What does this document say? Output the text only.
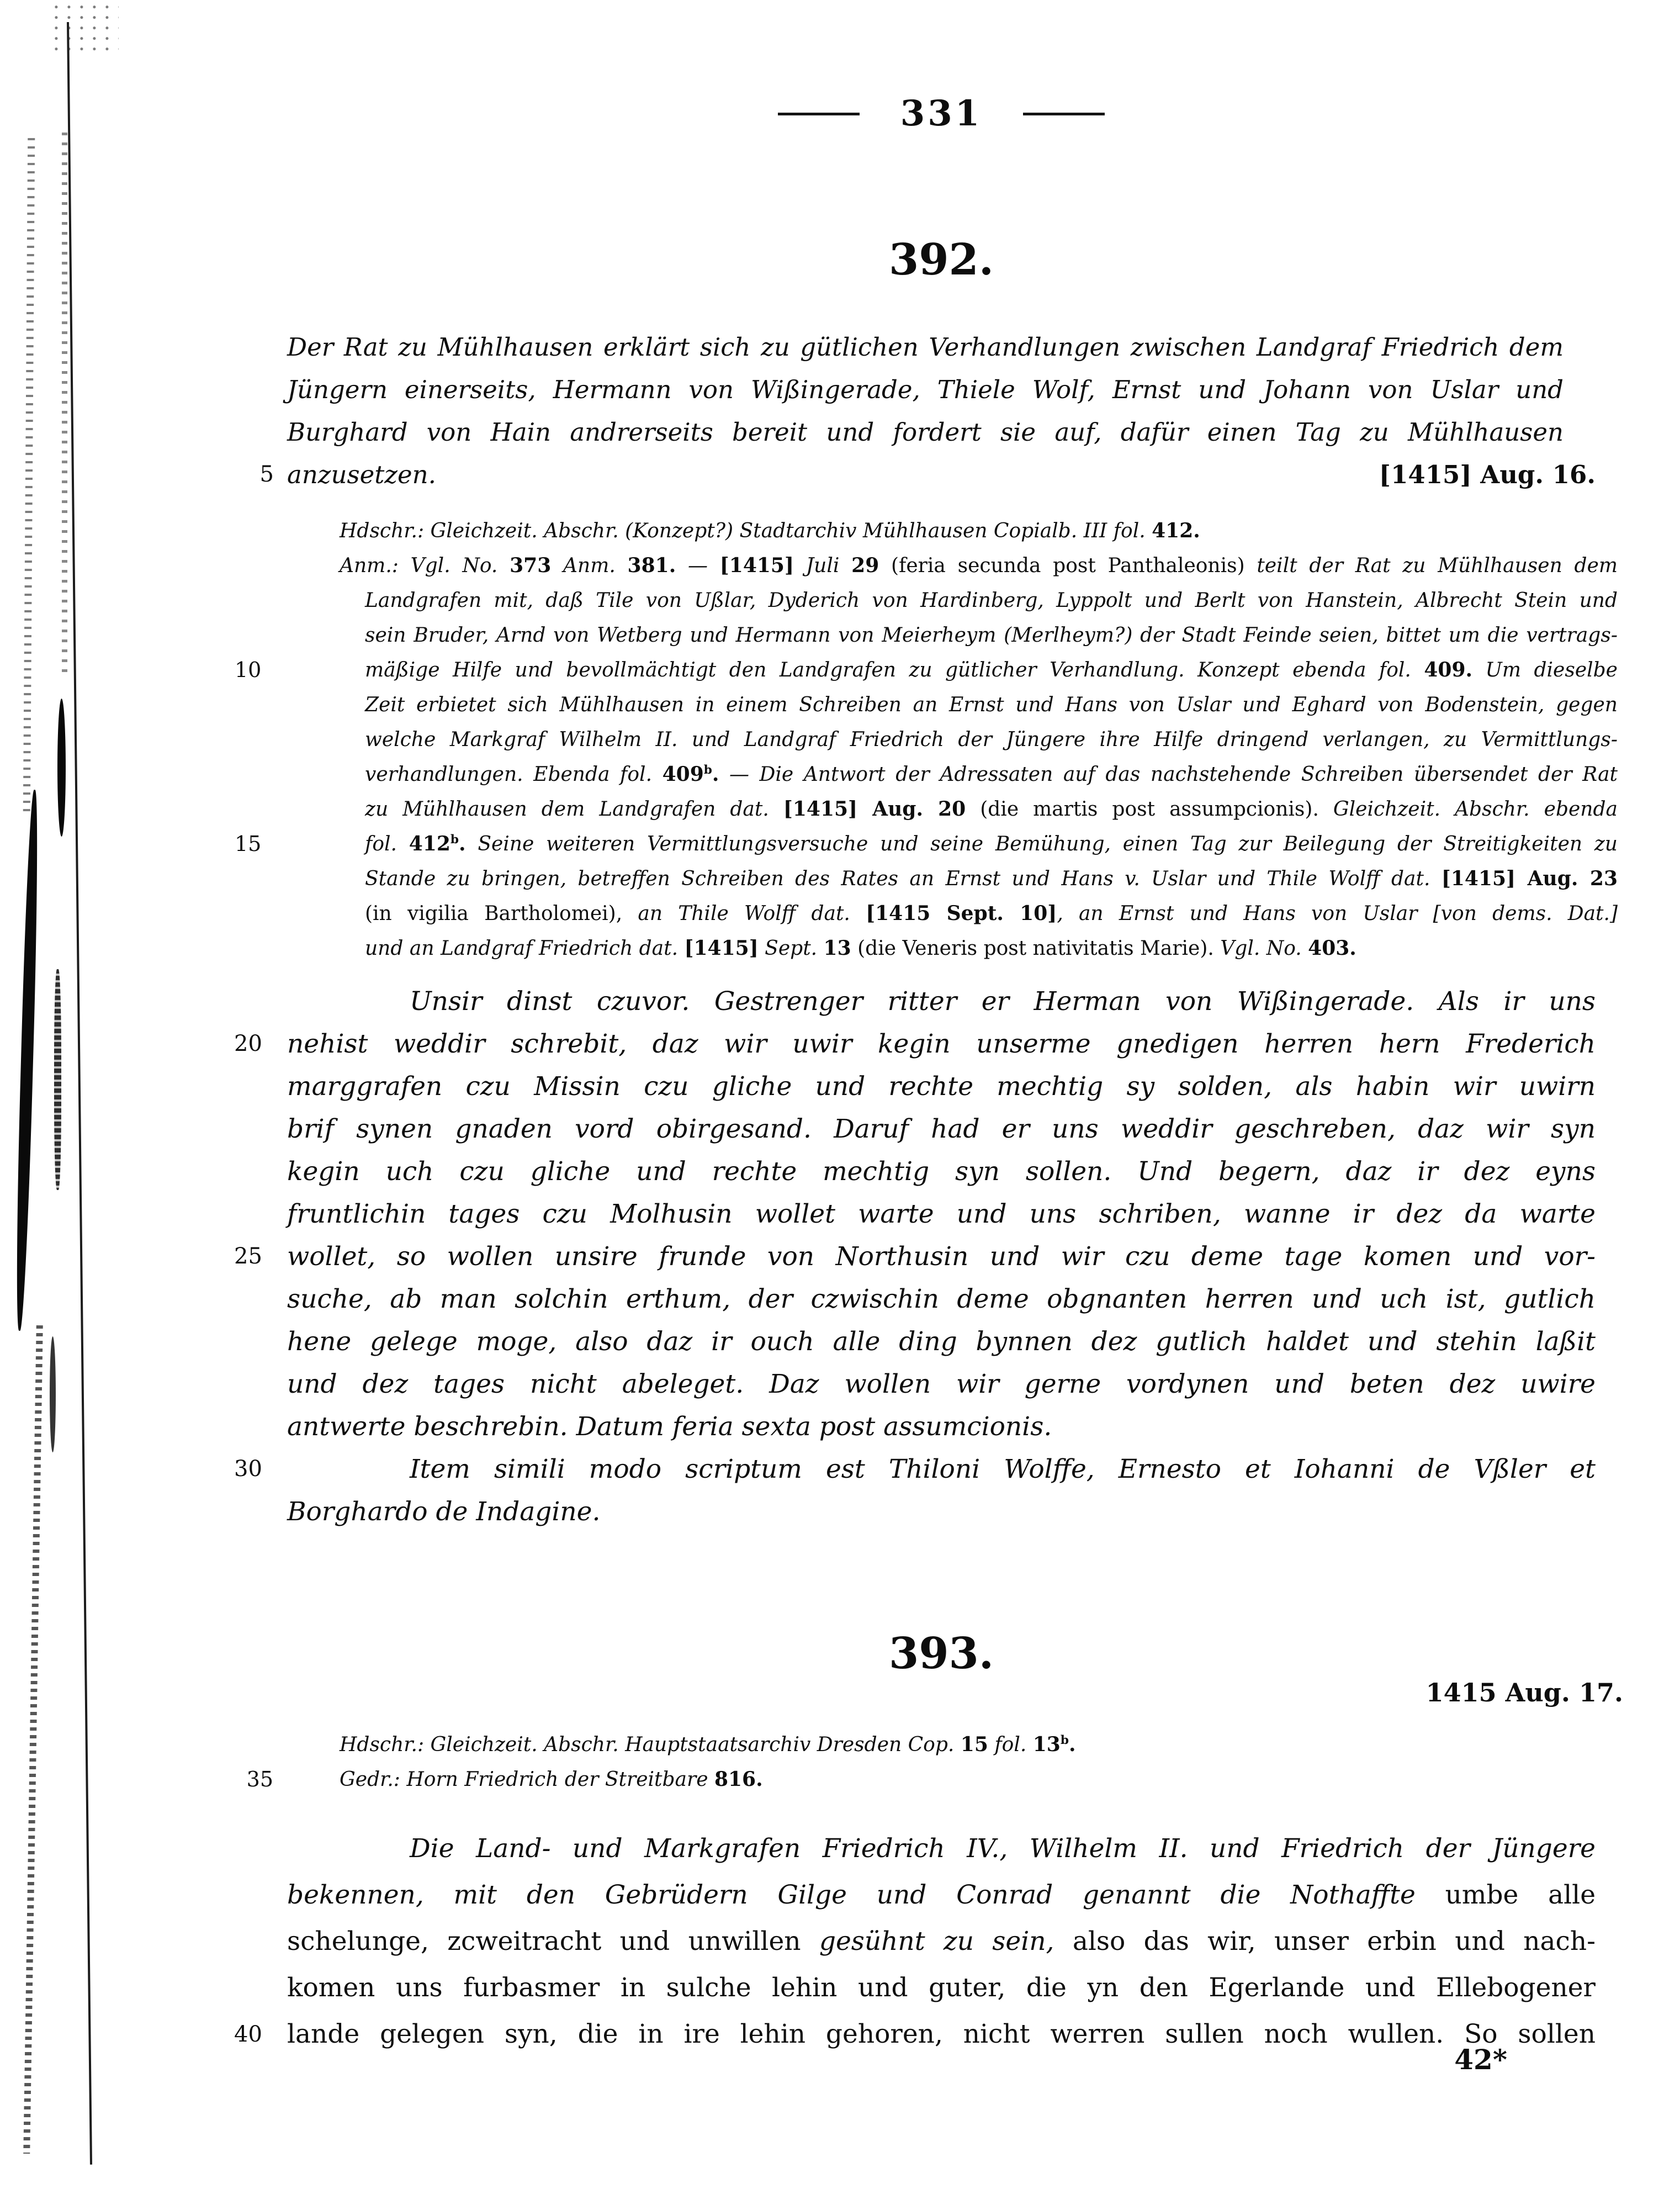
331
392.
Der Rat zu Mühlhausen erklärt sich zu gütlichen Verhandlungen zwischen Landgraf Friedrich dem
Jüngern einerseits, Hermann von Wißingerade, Thiele Wolf, Ernst und Johann von Uslar und
Burghard von Hain andrerseits bereit und fordert sie auf, dafür einen Tag zu Mühlhausen
5 anzusetzen.	[1415] Aug. 16.
Hdschr.: Gleichzeit. Abschr. (Konzept?) Stadtarchiv Mühlhausen Copialb. III fol. 412.
Anm.: Vgl. No. 373 Anm. 381. — [1415] Juli 29 (feria secunda post Panthaleonis) teilt der Rat zu Mühlhausen dem
Landgrafen mit, daß Tile von Ußlar, Dyderich von Hardinberg, Lyppolt und Berlt von Hanstein, Albrecht Stein und
sein Bruder, Arnd von Wetberg und Hermann von Meierheym (Merlheym?) der Stadt Feinde seien, bittet um die vertrags-
10	mäßige Hilfe und bevollmächtigt den Landgrafen zu gütlicher Verhandlung. Konzept ebenda fol. 409. Um dieselbe
Zeit erbietet sich Mühlhausen in einem Schreiben an Ernst und Hans von Uslar und Eghard von Bodenstein, gegen
welche Markgraf Wilhelm II. und Landgraf Friedrich der Jüngere ihre Hilfe dringend verlangen, zu Vermittlungs-
verhandlungen. Ebenda fol. 409$^b$. — Die Antwort der Adressaten auf das nachstehende Schreiben übersendet der Rat
zu Mühlhausen dem Landgrafen dat. [1415] Aug. 20 (die martis post assumpcionis). Gleichzeit. Abschr. ebenda
15	fol. 412$^b$. Seine weiteren Vermittlungsversuche und seine Bemühung, einen Tag zur Beilegung der Streitigkeiten zu
Stande zu bringen, betreffen Schreiben des Rates an Ernst und Hans v. Uslar und Thile Wolff dat. [1415] Aug. 23
(in vigilia Bartholomei), an Thile Wolff dat. [1415 Sept. 10], an Ernst und Hans von Uslar [von dems. Dat.]
und an Landgraf Friedrich dat. [1415] Sept. 13 (die Veneris post nativitatis Marie). Vgl. No. 403.
Unsir dinst czuvor. Gestrenger ritter er Herman von Wißingerade. Als ir uns
20 nehist weddir schrebit, daz wir uwir kegin unserme gnedigen herren hern Frederich
marggrafen czu Missin czu gliche und rechte mechtig sy solden, als habin wir uwirn
brif synen gnaden vord obirgesand. Daruf had er uns weddir geschreben, daz wir syn
kegin uch czu gliche und rechte mechtig syn sollen. Und begern, daz ir dez eyns
fruntlichin tages czu Molhusin wollet warte und uns schriben, wanne ir dez da warte
25 wollet, so wollen unsire frunde von Northusin und wir czu deme tage komen und vor-
suche, ab man solchin erthum, der czwischin deme obgnanten herren und uch ist, gutlich
hene gelege moge, also daz ir ouch alle ding bynnen dez gutlich haldet und stehin laßit
und dez tages nicht abeleget. Daz wollen wir gerne vordynen und beten dez uwire
antwerte beschrebin. Datum feria sexta post assumcionis.
30	Item simili modo scriptum est Thiloni Wolffe, Ernesto et Iohanni de Vßler et
Borghardo de Indagine.
393.
1415 Aug. 17.
Hdschr.: Gleichzeit. Abschr. Hauptstaatsarchiv Dresden Cop. 15 fol. 13$^b$.
35	Gedr.: Horn Friedrich der Streitbare 816.
Die Land- und Markgrafen Friedrich IV., Wilhelm II. und Friedrich der Jüngere
bekennen, mit den Gebrüdern Gilge und Conrad genannt die Nothaffte umbe alle
schelunge, zcweitracht und unwillen gesühnt zu sein, also das wir, unser erbin und nach-
komen uns furbasmer in sulche lehin und guter, die yn den Egerlande und Ellebogener
40 lande gelegen syn, die in ire lehin gehoren, nicht werren sullen noch wullen. So sollen
42*
